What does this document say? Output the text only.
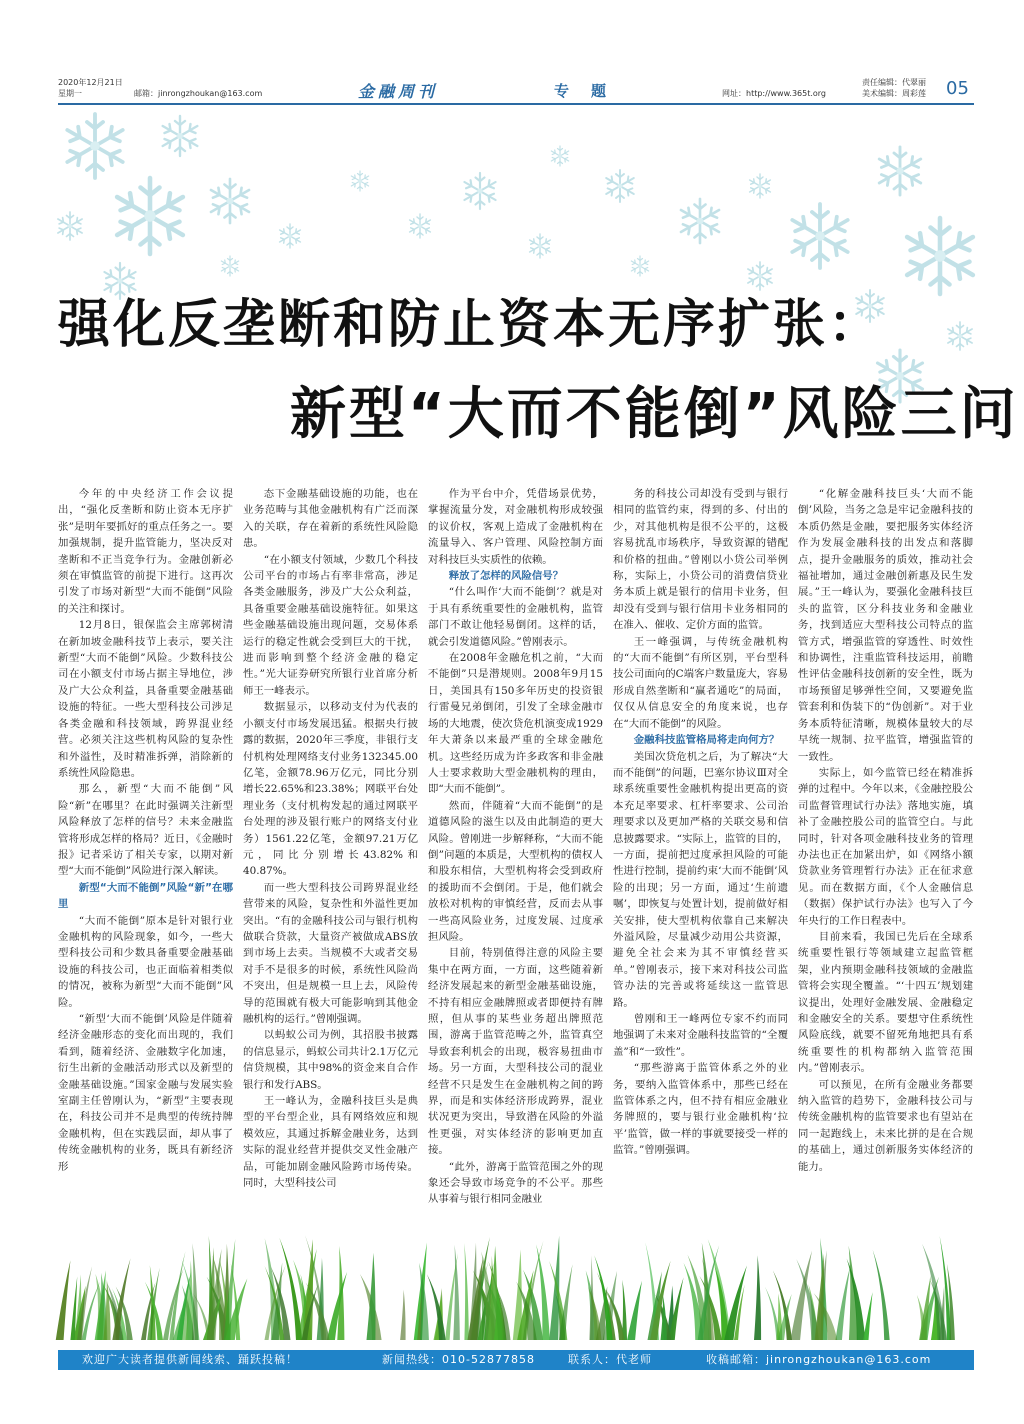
2020年12月21日
星期一	邮箱：jinrongzhoukan@163.com	金融周刊	专题	网址：http://www.365t.org
责任编辑：代翠丽
美术编辑：周彩莲 05
强化反垄断和防止资本无序扩张：
新型“大而不能倒”风险三问

今年的中央经济工作会议提出，“强化反垄断和防止资本无序扩张”是明年要抓好的重点任务之一。要加强规制，提升监管能力，坚决反对垄断和不正当竞争行为。金融创新必须在审慎监管的前提下进行。这再次引发了市场对新型“大而不能倒”风险的关注和探讨。

12月8日，银保监会主席郭树清在新加坡金融科技节上表示，要关注新型“大而不能倒”风险。少数科技公司在小额支付市场占据主导地位，涉及广大公众利益，具备重要金融基础设施的特征。一些大型科技公司涉足各类金融和科技领域，跨界混业经营。必须关注这些机构风险的复杂性和外溢性，及时精准拆弹，消除新的系统性风险隐患。

那么，新型“大而不能倒”风险“新”在哪里？在此时强调关注新型风险释放了怎样的信号？未来金融监管将形成怎样的格局？近日，《金融时报》记者采访了相关专家，以期对新型“大而不能倒”风险进行深入解读。

新型“大而不能倒”风险“新”在哪里

“大而不能倒”原本是针对银行业金融机构的风险现象，如今，一些大型科技公司和少数具备重要金融基础设施的科技公司，也正面临着相类似的情况，被称为新型“大而不能倒”风险。

“新型‘大而不能倒’风险是伴随着经济金融形态的变化而出现的，我们看到，随着经济、金融数字化加速，衍生出新的金融活动形式以及新型的金融基础设施。”国家金融与发展实验室副主任曾刚认为，“新型”主要表现在，科技公司并不是典型的传统持牌金融机构，但在实践层面，却从事了传统金融机构的业务，既具有新经济形

态下金融基础设施的功能，也在业务范畴与其他金融机构有广泛而深入的关联，存在着新的系统性风险隐患。

“在小额支付领域，少数几个科技公司平台的市场占有率非常高，涉足各类金融服务，涉及广大公众利益，具备重要金融基础设施特征。如果这些金融基础设施出现问题，交易体系运行的稳定性就会受到巨大的干扰，进而影响到整个经济金融的稳定性。”光大证券研究所银行业首席分析师王一峰表示。

数据显示，以移动支付为代表的小额支付市场发展迅猛。根据央行披露的数据，2020年三季度，非银行支付机构处理网络支付业务132345.00亿笔，金额78.96万亿元，同比分别增长22.65%和23.38%；网联平台处理业务（支付机构发起的通过网联平台处理的涉及银行账户的网络支付业务）1561.22亿笔，金额97.21万亿元，同比分别增长43.82%和40.87%。

而一些大型科技公司跨界混业经营带来的风险，复杂性和外溢性更加突出。“有的金融科技公司与银行机构做联合贷款，大量资产被做成ABS放到市场上去卖。当规模不大或者交易对手不是很多的时候，系统性风险尚不突出，但是规模一旦上去，风险传导的范围就有极大可能影响到其他金融机构的运行。”曾刚强调。

以蚂蚁公司为例，其招股书披露的信息显示，蚂蚁公司共计2.1万亿元信贷规模，其中98%的资金来自合作银行和发行ABS。

王一峰认为，金融科技巨头是典型的平台型企业，具有网络效应和规模效应，其通过拆解金融业务，达到实际的混业经营并提供交叉性金融产品，可能加剧金融风险跨市场传染。同时，大型科技公司

作为平台中介，凭借场景优势，掌握流量分发，对金融机构形成较强的议价权，客观上造成了金融机构在流量导入、客户管理、风险控制方面对科技巨头实质性的依赖。

释放了怎样的风险信号？

“什么叫作‘大而不能倒’？就是对于具有系统重要性的金融机构，监管部门不敢让他轻易倒闭。这样的话，就会引发道德风险。”曾刚表示。

在2008年金融危机之前，“大而不能倒”只是潜规则。2008年9月15日，美国具有150多年历史的投资银行雷曼兄弟倒闭，引发了全球金融市场的大地震，使次贷危机演变成1929年大萧条以来最严重的全球金融危机。这些经历成为许多政客和非金融人士要求救助大型金融机构的理由，即“大而不能倒”。

然而，伴随着“大而不能倒”的是道德风险的滋生以及由此制造的更大风险。曾刚进一步解释称，“大而不能倒”问题的本质是，大型机构的债权人和股东相信，大型机构将会受到政府的援助而不会倒闭。于是，他们就会放松对机构的审慎经营，反而去从事一些高风险业务，过度发展、过度承担风险。

目前，特别值得注意的风险主要集中在两方面，一方面，这些随着新经济发展起来的新型金融基础设施，不持有相应金融牌照或者即便持有牌照，但从事的某些业务超出牌照范围，游离于监管范畴之外，监管真空导致套利机会的出现，极容易扭曲市场。另一方面，大型科技公司的混业经营不只是发生在金融机构之间的跨界，而是和实体经济形成跨界，混业状况更为突出，导致潜在风险的外溢性更强，对实体经济的影响更加直接。

“此外，游离于监管范围之外的现象还会导致市场竞争的不公平。那些从事着与银行相同金融业

务的科技公司却没有受到与银行相同的监管约束，得到的多、付出的少，对其他机构是很不公平的，这极容易扰乱市场秩序，导致资源的错配和价格的扭曲。”曾刚以小贷公司举例称，实际上，小贷公司的消费信贷业务本质上就是银行的信用卡业务，但却没有受到与银行信用卡业务相同的在准入、催收、定价方面的监管。

王一峰强调，与传统金融机构的“大而不能倒”有所区别，平台型科技公司面向的C端客户数量庞大，容易形成自然垄断和“赢者通吃”的局面，仅仅从信息安全的角度来说，也存在“大而不能倒”的风险。

金融科技监管格局将走向何方？

美国次贷危机之后，为了解决“大而不能倒”的问题，巴塞尔协议Ⅲ对全球系统重要性金融机构提出更高的资本充足率要求、杠杆率要求、公司治理要求以及更加严格的关联交易和信息披露要求。“实际上，监管的目的，一方面，提前把过度承担风险的可能性进行控制，提前约束‘大而不能倒’风险的出现；另一方面，通过‘生前遗嘱’，即恢复与处置计划，提前做好相关安排，使大型机构依靠自己来解决外溢风险，尽量减少动用公共资源，避免全社会来为其不审慎经营买单。”曾刚表示，接下来对科技公司监管办法的完善或将延续这一监管思路。

曾刚和王一峰两位专家不约而同地强调了未来对金融科技监管的“全覆盖”和“一致性”。

“那些游离于监管体系之外的业务，要纳入监管体系中，那些已经在监管体系之内，但不持有相应金融业务牌照的，要与银行业金融机构‘拉平’监管，做一样的事就要接受一样的监管。”曾刚强调。

“化解金融科技巨头‘大而不能倒’风险，当务之急是牢记金融科技的本质仍然是金融，要把服务实体经济作为发展金融科技的出发点和落脚点，提升金融服务的质效，推动社会福祉增加，通过金融创新惠及民生发展。”王一峰认为，要强化金融科技巨头的监管，区分科技业务和金融业务，找到适应大型科技公司特点的监管方式，增强监管的穿透性、时效性和协调性，注重监管科技运用，前瞻性评估金融科技创新的安全性，既为市场预留足够弹性空间，又要避免监管套利和伪装下的“伪创新”。对于业务本质特征清晰，规模体量较大的尽早统一规制、拉平监管，增强监管的一致性。

实际上，如今监管已经在精准拆弹的过程中。今年以来，《金融控股公司监督管理试行办法》落地实施，填补了金融控股公司的监管空白。与此同时，针对各项金融科技业务的管理办法也正在加紧出炉，如《网络小额贷款业务管理暂行办法》正在征求意见。而在数据方面，《个人金融信息（数据）保护试行办法》也写入了今年央行的工作日程表中。

目前来看，我国已先后在全球系统重要性银行等领域建立起监管框架，业内预期金融科技领域的金融监管将会实现全覆盖。“‘十四五’规划建议提出，处理好金融发展、金融稳定和金融安全的关系。要想守住系统性风险底线，就要不留死角地把具有系统重要性的机构都纳入监管范围内。”曾刚表示。

可以预见，在所有金融业务都要纳入监管的趋势下，金融科技公司与传统金融机构的监管要求也有望站在同一起跑线上，未来比拼的是在合规的基础上，通过创新服务实体经济的能力。

欢迎广大读者提供新闻线索、踊跃投稿！	新闻热线：010-52877858	联系人：代老师	收稿邮箱：jinrongzhoukan@163.com
